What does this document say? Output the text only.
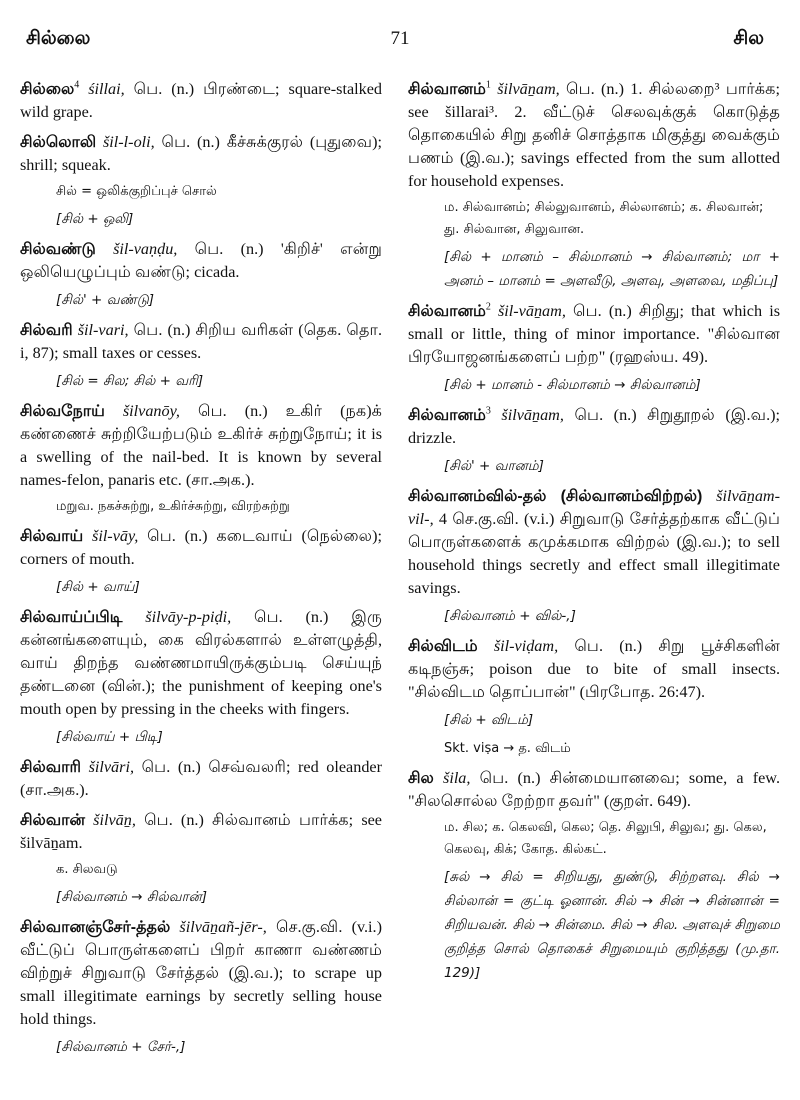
சில்லை	71	சில
சில்லை$^4$ śillai, பெ. (n.) பிரண்டை; square-stalked wild grape.
சில்லொலி šil-l-oli, பெ. (n.) கீச்சுக்குரல் (புதுவை); shrill; squeak.
சில் = ஒலிக்குறிப்புச் சொல்
[சில் + ஒலி]
சில்வண்டு šil-vaṇḍu, பெ. (n.) 'கிறிச்' என்று ஒலியெழுப்பும் வண்டு; cicada.
[சில்' + வண்டு]
சில்வரி šil-vari, பெ. (n.) சிறிய வரிகள் (தெக. தொ. i, 87); small taxes or cesses.
[சில் = சில; சில் + வரி]
சில்வநோய் šilvanōy, பெ. (n.) உகிர் (நக)க் கண்ணைச் சுற்றியேற்படும் உகிர்ச் சுற்றுநோய்; it is a swelling of the nail-bed. It is known by several names-felon, panaris etc. (சா.அக.).
மறுவ. நகச்சுற்று, உகிர்ச்சுற்று, விரற்சுற்று
சில்வாய் šil-vāy, பெ. (n.) கடைவாய் (நெல்லை); corners of mouth.
[சில் + வாய்]
சில்வாய்ப்பிடி šilvāy-p-piḍi, பெ. (n.) இரு கன்னங்களையும், கை விரல்களால் உள்ளழுத்தி, வாய் திறந்த வண்ணமாயிருக்கும்படி செய்யுந் தண்டனை (வின்.); the punishment of keeping one's mouth open by pressing in the cheeks with fingers.
[சில்வாய் + பிடி]
சில்வாரி šilvāri, பெ. (n.) செவ்வலரி; red oleander (சா.அக.).
சில்வான் šilvāṉ, பெ. (n.) சில்வானம் பார்க்க; see šilvāṉam.
க. சிலவடு
[சில்வானம் → சில்வான்]
சில்வானஞ்சேர்-த்தல் šilvāṉañ-jēr-, செ.கு.வி. (v.i.) வீட்டுப் பொருள்களைப் பிறர் காணா வண்ணம் விற்றுச் சிறுவாடு சேர்த்தல் (இ.வ.); to scrape up small illegitimate earnings by secretly selling house hold things.
[சில்வானம் + சேர்-,]
சில்வானம்$^1$ šilvāṉam, பெ. (n.) 1. சில்லறை³ பார்க்க; see šillarai³. 2. வீட்டுச் செலவுக்குக் கொடுத்த தொகையில் சிறு தனிச் சொத்தாக மிகுத்து வைக்கும் பணம் (இ.வ.); savings effected from the sum allotted for household expenses.
ம. சில்வானம்; சில்லுவானம், சில்லானம்; க. சிலவான்; து. சில்வான, சிலுவான.
[சில் + மானம் – சில்மானம் → சில்வானம்; மா + அனம் – மானம் = அளவீடு, அளவு, அளவை, மதிப்பு]
சில்வானம்$^2$ šil-vāṉam, பெ. (n.) சிறிது; that which is small or little, thing of minor importance. "சில்வான பிரயோஜனங்களைப் பற்ற" (ரஹஸ்ய. 49).
[சில் + மானம் - சில்மானம் → சில்வானம்]
சில்வானம்$^3$ šilvāṉam, பெ. (n.) சிறுதூறல் (இ.வ.); drizzle.
[சில்' + வானம்]
சில்வானம்வில்-தல் (சில்வானம்விற்றல்) šilvāṉam-vil-, 4 செ.கு.வி. (v.i.) சிறுவாடு சேர்த்தற்காக வீட்டுப் பொருள்களைக் கமுக்கமாக விற்றல் (இ.வ.); to sell household things secretly and effect small illegitimate savings.
[சில்வானம் + வில்-,]
சில்விடம் šil-viḍam, பெ. (n.) சிறு பூச்சிகளின் கடிநஞ்சு; poison due to bite of small insects. "சில்விடம தொப்பான்" (பிரபோத. 26:47).
[சில் + விடம்]
Skt. viṣa → த. விடம்
சில šila, பெ. (n.) சின்மையானவை; some, a few. "சிலசொல்ல றேற்றா தவர்" (குறள். 649).
ம. சில; க. கெலவி, கெல; தெ. சிலுபி, சிலுவ; து. கெல, கெலவு, கிக்; கோத. கில்கட்.
[சுல் → சில் = சிறியது, துண்டு, சிற்றளவு. சில் → சில்லான் = குட்டி ஓனான். சில் → சின் → சின்னான் = சிறியவன். சில் → சின்மை. சில் → சில. அளவுச் சிறுமை குறித்த சொல் தொகைச் சிறுமையும் குறித்தது (மு.தா. 129)]
